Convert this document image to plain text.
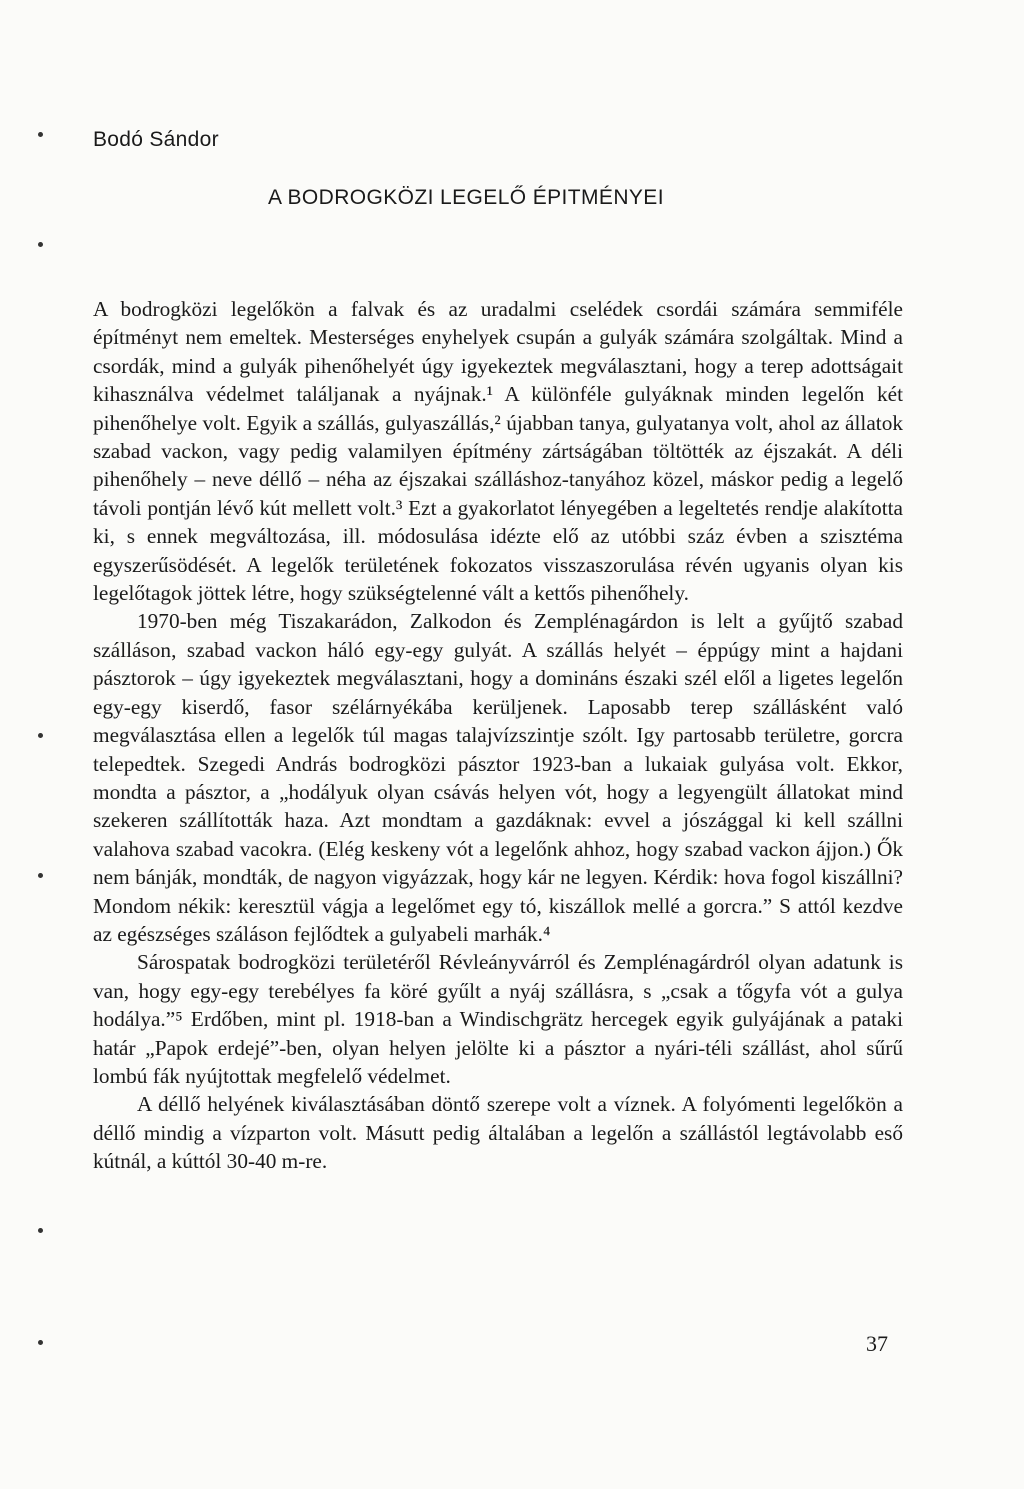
Bodó Sándor
A BODROGKÖZI LEGELŐ ÉPITMÉNYEI

A bodrogközi legelőkön a falvak és az uradalmi cselédek csordái számára semmiféle építményt nem emeltek. Mesterséges enyhelyek csupán a gulyák számára szolgáltak. Mind a csordák, mind a gulyák pihenőhelyét úgy igyekeztek megválasztani, hogy a terep adottságait kihasználva védelmet találjanak a nyájnak.¹ A különféle gulyáknak minden legelőn két pihenőhelye volt. Egyik a szállás, gulyaszállás,² újabban tanya, gulyatanya volt, ahol az állatok szabad vackon, vagy pedig valamilyen építmény zártságában töltötték az éjszakát. A déli pihenőhely – neve déllő – néha az éjszakai szálláshoz-tanyához közel, máskor pedig a legelő távoli pontján lévő kút mellett volt.³ Ezt a gyakorlatot lényegében a legeltetés rendje alakította ki, s ennek megváltozása, ill. módosulása idézte elő az utóbbi száz évben a szisztéma egyszerűsödését. A legelők területének fokozatos visszaszorulása révén ugyanis olyan kis legelőtagok jöttek létre, hogy szükségtelenné vált a kettős pihenőhely.

1970-ben még Tiszakarádon, Zalkodon és Zemplénagárdon is lelt a gyűjtő szabad szálláson, szabad vackon háló egy-egy gulyát. A szállás helyét – éppúgy mint a hajdani pásztorok – úgy igyekeztek megválasztani, hogy a domináns északi szél elől a ligetes legelőn egy-egy kiserdő, fasor szélárnyékába kerüljenek. Laposabb terep szállásként való megválasztása ellen a legelők túl magas talajvízszintje szólt. Igy partosabb területre, gorcra telepedtek. Szegedi András bodrogközi pásztor 1923-ban a lukaiak gulyása volt. Ekkor, mondta a pásztor, a „hodályuk olyan csávás helyen vót, hogy a legyengült állatokat mind szekeren szállították haza. Azt mondtam a gazdáknak: evvel a jószággal ki kell szállni valahova szabad vacokra. (Elég keskeny vót a legelőnk ahhoz, hogy szabad vackon ájjon.) Ők nem bánják, mondták, de nagyon vigyázzak, hogy kár ne legyen. Kérdik: hova fogol kiszállni? Mondom nékik: keresztül vágja a legelőmet egy tó, kiszállok mellé a gorcra.” S attól kezdve az egészséges száláson fejlődtek a gulyabeli marhák.⁴

Sárospatak bodrogközi területéről Révleányvárról és Zemplénagárdról olyan adatunk is van, hogy egy-egy terebélyes fa köré gyűlt a nyáj szállásra, s „csak a tőgyfa vót a gulya hodálya.”⁵ Erdőben, mint pl. 1918-ban a Windischgrätz hercegek egyik gulyájának a pataki határ „Papok erdejé”-ben, olyan helyen jelölte ki a pásztor a nyári-téli szállást, ahol sűrű lombú fák nyújtottak megfelelő védelmet.

A déllő helyének kiválasztásában döntő szerepe volt a víznek. A folyómenti legelőkön a déllő mindig a vízparton volt. Másutt pedig általában a legelőn a szállástól legtávolabb eső kútnál, a kúttól 30-40 m-re.

37
